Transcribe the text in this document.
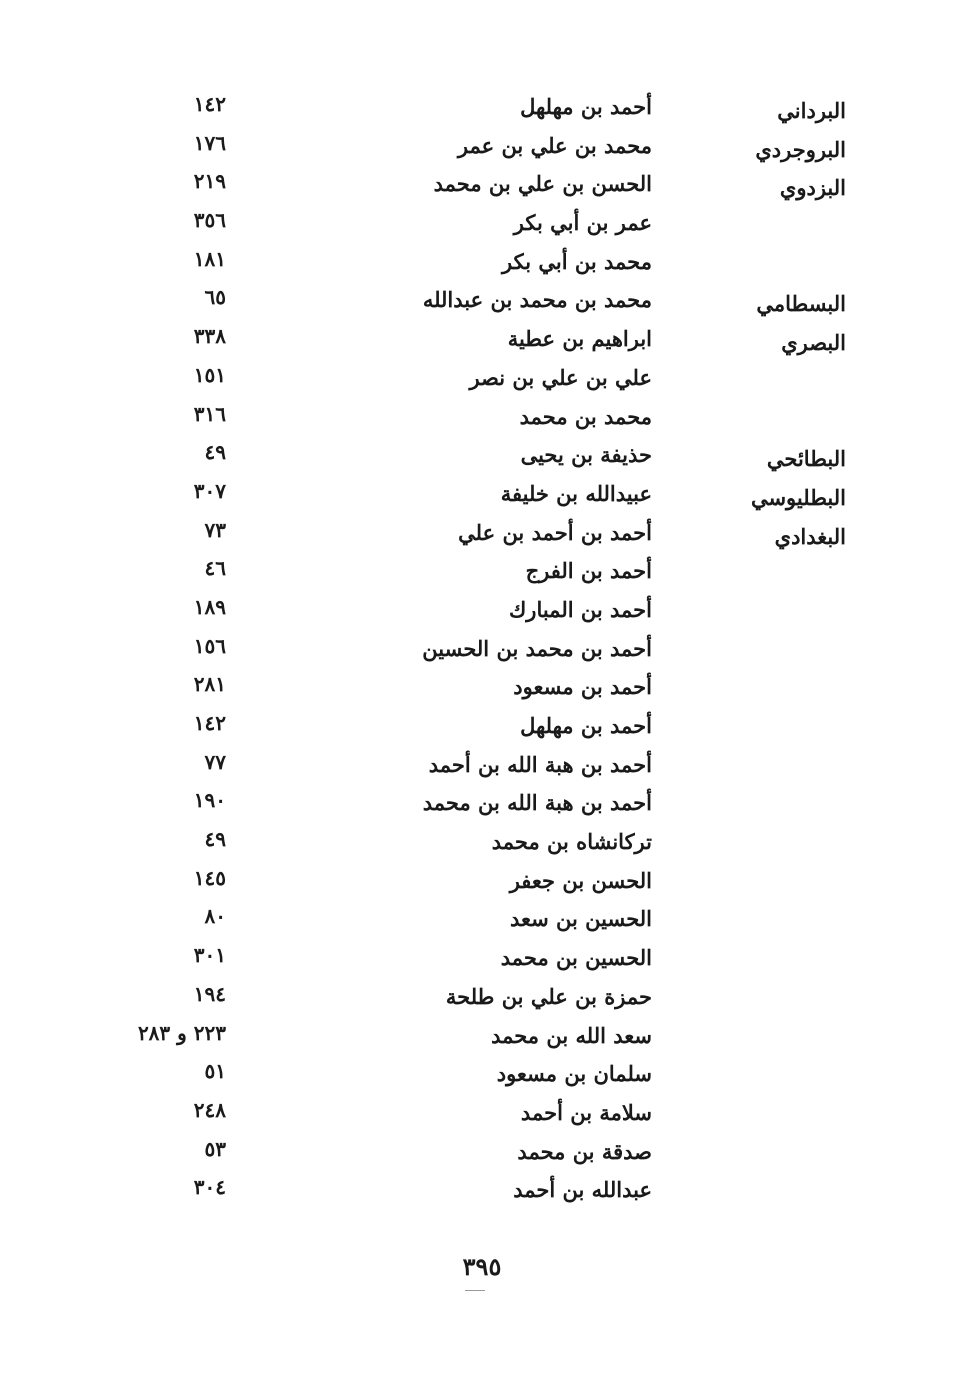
البرداني
أحمد بن مهلهل
١٤٢
البروجردي
محمد بن علي بن عمر
١٧٦
البزدوي
الحسن بن علي بن محمد
٢١٩
عمر بن أبي بكر
٣٥٦
محمد بن أبي بكر
١٨١
البسطامي
محمد بن محمد بن عبدالله
٦٥
البصري
ابراهيم بن عطية
٣٣٨
علي بن علي بن نصر
١٥١
محمد بن محمد
٣١٦
البطائحي
حذيفة بن يحيى
٤٩
البطليوسي
عبيدالله بن خليفة
٣٠٧
البغدادي
أحمد بن أحمد بن علي
٧٣
أحمد بن الفرج
٤٦
أحمد بن المبارك
١٨٩
أحمد بن محمد بن الحسين
١٥٦
أحمد بن مسعود
٢٨١
أحمد بن مهلهل
١٤٢
أحمد بن هبة الله بن أحمد
٧٧
أحمد بن هبة الله بن محمد
١٩٠
تركانشاه بن محمد
٤٩
الحسن بن جعفر
١٤٥
الحسين بن سعد
٨٠
الحسين بن محمد
٣٠١
حمزة بن علي بن طلحة
١٩٤
سعد الله بن محمد
٢٢٣ و ٢٨٣
سلمان بن مسعود
٥١
سلامة بن أحمد
٢٤٨
صدقة بن محمد
٥٣
عبدالله بن أحمد
٣٠٤
٣٩٥
